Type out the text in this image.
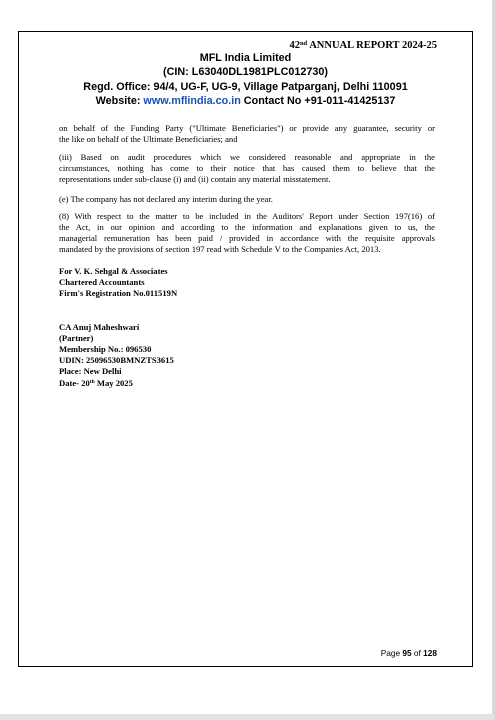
42nd ANNUAL REPORT 2024-25
MFL India Limited
(CIN: L63040DL1981PLC012730)
Regd. Office: 94/4, UG-F, UG-9, Village Patparganj, Delhi 110091
Website: www.mflindia.co.in Contact No +91-011-41425137
on behalf of the Funding Party ("Ultimate Beneficiaries") or provide any guarantee, security or
the like on behalf of the Ultimate Beneficiaries; and
(iii) Based on audit procedures which we considered reasonable and appropriate in the
circumstances, nothing has come to their notice that has caused them to believe that the
representations under sub-clause (i) and (ii) contain any material misstatement.
(e) The company has not declared any interim during the year.
(8) With respect to the matter to be included in the Auditors' Report under Section 197(16) of
the Act, in our opinion and according to the information and explanations given to us, the
managerial remuneration has been paid / provided in accordance with the requisite approvals
mandated by the provisions of section 197 read with Schedule V to the Companies Act, 2013.
For V. K. Sehgal & Associates
Chartered Accountants
Firm's Registration No.011519N
CA Anuj Maheshwari
(Partner)
Membership No.: 096530
UDIN: 25096530BMNZTS3615
Place: New Delhi
Date- 20th May 2025
Page 95 of 128
